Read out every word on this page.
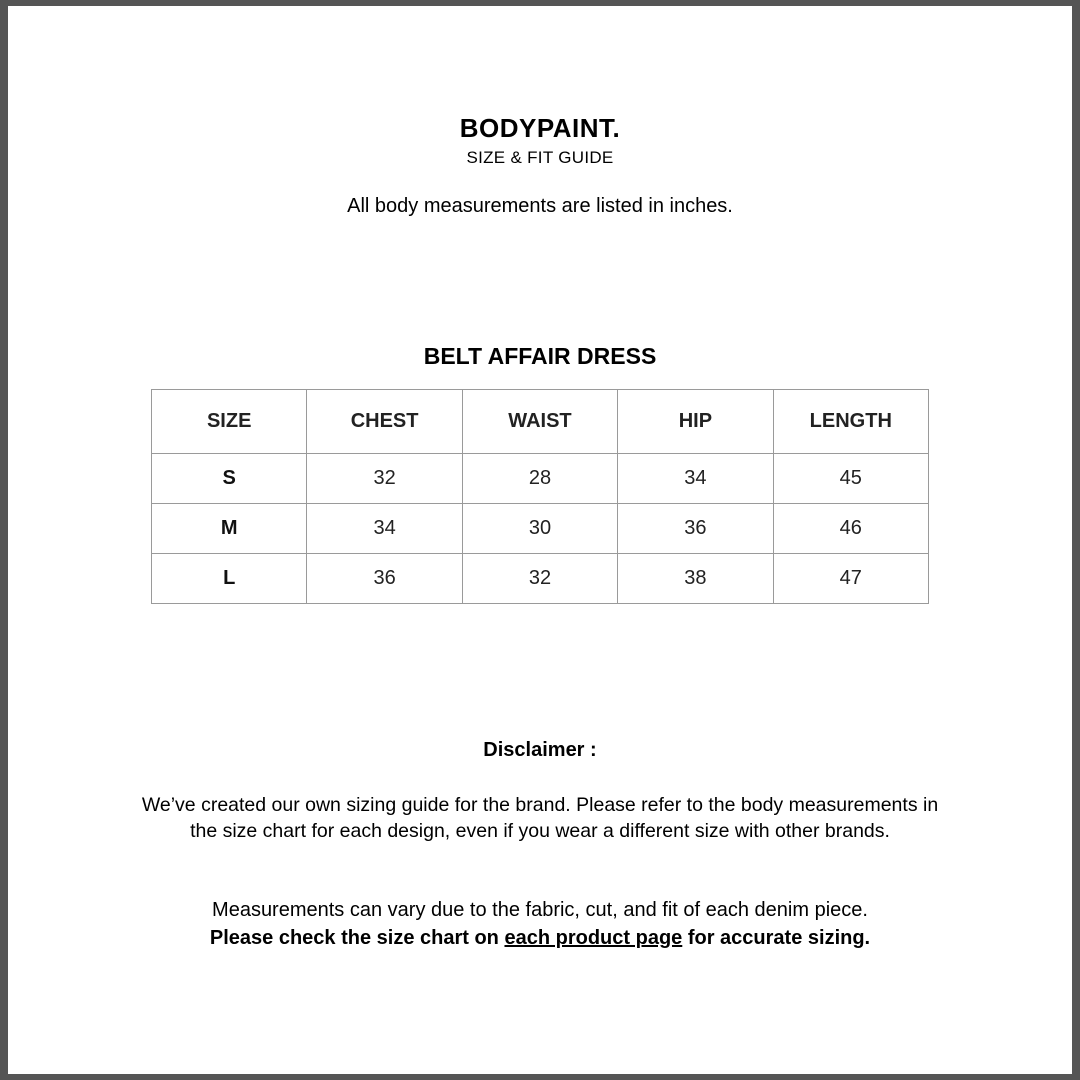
BODYPAINT.
SIZE & FIT GUIDE

All body measurements are listed in inches.

BELT AFFAIR DRESS
SIZE	CHEST	WAIST	HIP	LENGTH
S	32	28	34	45
M	34	30	36	46
L	36	32	38	47
Disclaimer :

We’ve created our own sizing guide for the brand. Please refer to the body measurements in the size chart for each design, even if you wear a different size with other brands.

Measurements can vary due to the fabric, cut, and fit of each denim piece.

Please check the size chart on each product page for accurate sizing.
